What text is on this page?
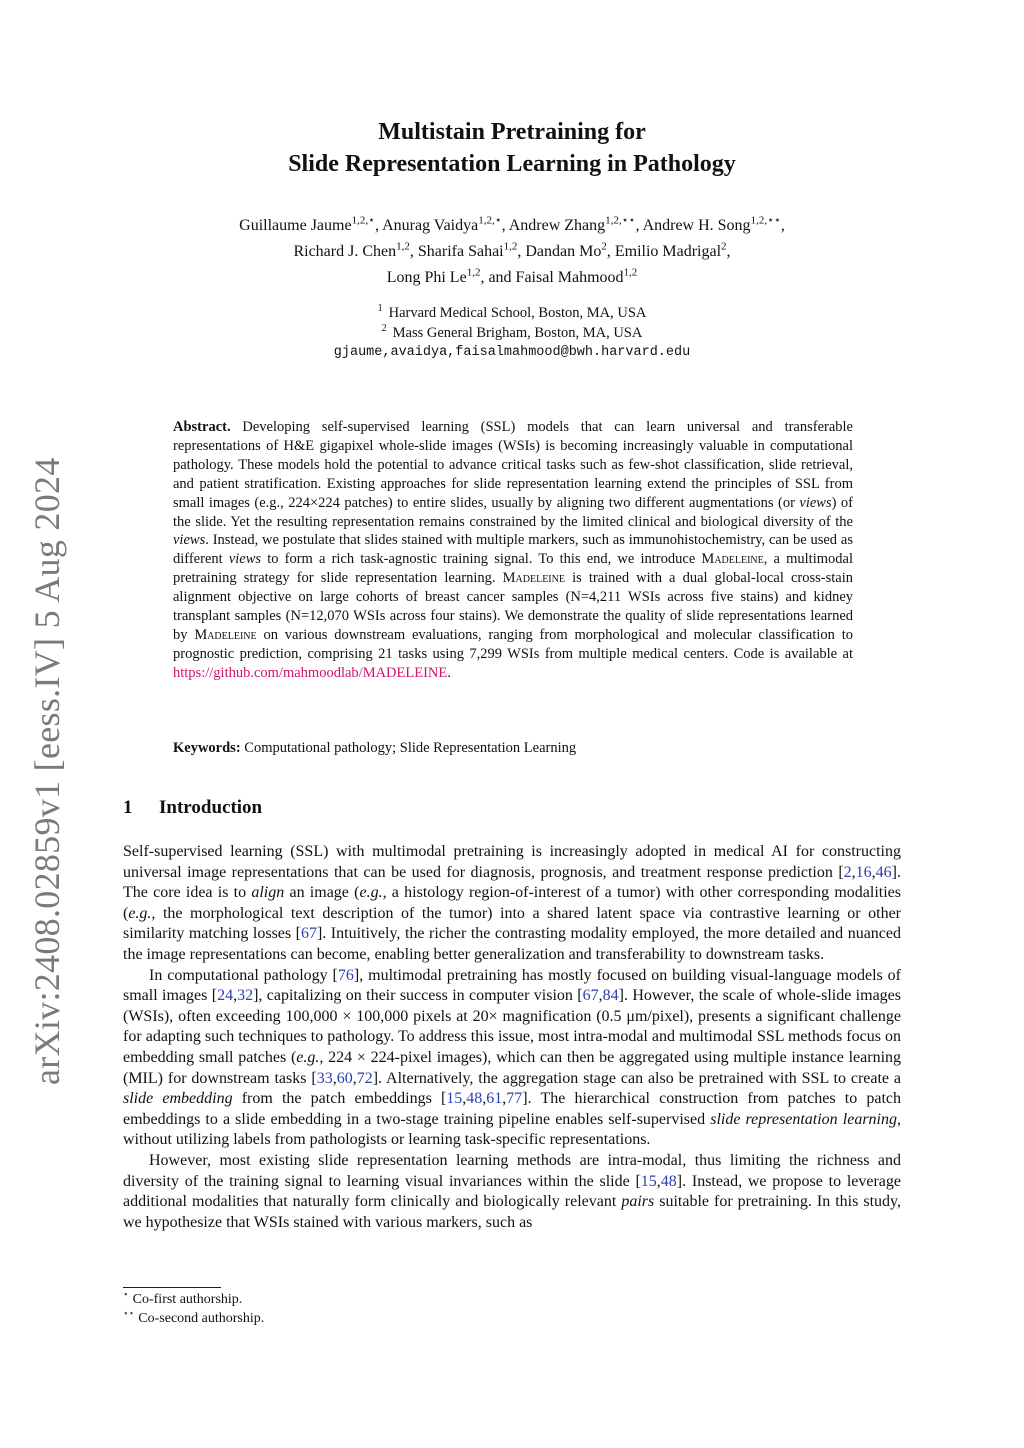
arXiv:2408.02859v1 [eess.IV] 5 Aug 2024
Multistain Pretraining for
Slide Representation Learning in Pathology
Guillaume Jaume$^{1,2,⋆}$, Anurag Vaidya$^{1,2,⋆}$, Andrew Zhang$^{1,2,⋆⋆}$, Andrew H. Song$^{1,2,⋆⋆}$,
Richard J. Chen$^{1,2}$, Sharifa Sahai$^{1,2}$, Dandan Mo$^2$, Emilio Madrigal$^2$,
Long Phi Le$^{1,2}$, and Faisal Mahmood$^{1,2}$
$^1$ Harvard Medical School, Boston, MA, USA
$^2$ Mass General Brigham, Boston, MA, USA
gjaume,avaidya,faisalmahmood@bwh.harvard.edu
Abstract. Developing self-supervised learning (SSL) models that can learn universal and transferable representations of H&E gigapixel whole-slide images (WSIs) is becoming increasingly valuable in computational pathology. These models hold the potential to advance critical tasks such as few-shot classification, slide retrieval, and patient stratification. Existing approaches for slide representation learning extend the principles of SSL from small images (e.g., 224×224 patches) to entire slides, usually by aligning two different augmentations (or views) of the slide. Yet the resulting representation remains constrained by the limited clinical and biological diversity of the views. Instead, we postulate that slides stained with multiple markers, such as immunohistochemistry, can be used as different views to form a rich task-agnostic training signal. To this end, we introduce Madeleine, a multimodal pretraining strategy for slide representation learning. Madeleine is trained with a dual global-local cross-stain alignment objective on large cohorts of breast cancer samples (N=4,211 WSIs across five stains) and kidney transplant samples (N=12,070 WSIs across four stains). We demonstrate the quality of slide representations learned by Madeleine on various downstream evaluations, ranging from morphological and molecular classification to prognostic prediction, comprising 21 tasks using 7,299 WSIs from multiple medical centers. Code is available at https://github.com/mahmoodlab/MADELEINE.
Keywords: Computational pathology; Slide Representation Learning
1 Introduction

Self-supervised learning (SSL) with multimodal pretraining is increasingly adopted in medical AI for constructing universal image representations that can be used for diagnosis, prognosis, and treatment response prediction [2,16,46]. The core idea is to align an image (e.g., a histology region-of-interest of a tumor) with other corresponding modalities (e.g., the morphological text description of the tumor) into a shared latent space via contrastive learning or other similarity matching losses [67]. Intuitively, the richer the contrasting modality employed, the more detailed and nuanced the image representations can become, enabling better generalization and transferability to downstream tasks.

In computational pathology [76], multimodal pretraining has mostly focused on building visual-language models of small images [24,32], capitalizing on their success in computer vision [67,84]. However, the scale of whole-slide images (WSIs), often exceeding 100,000 × 100,000 pixels at 20× magnification (0.5 μm/pixel), presents a significant challenge for adapting such techniques to pathology. To address this issue, most intra-modal and multimodal SSL methods focus on embedding small patches (e.g., 224 × 224-pixel images), which can then be aggregated using multiple instance learning (MIL) for downstream tasks [33,60,72]. Alternatively, the aggregation stage can also be pretrained with SSL to create a slide embedding from the patch embeddings [15,48,61,77]. The hierarchical construction from patches to patch embeddings to a slide embedding in a two-stage training pipeline enables self-supervised slide representation learning, without utilizing labels from pathologists or learning task-specific representations.

However, most existing slide representation learning methods are intra-modal, thus limiting the richness and diversity of the training signal to learning visual invariances within the slide [15,48]. Instead, we propose to leverage additional modalities that naturally form clinically and biologically relevant pairs suitable for pretraining. In this study, we hypothesize that WSIs stained with various markers, such as

⋆ Co-first authorship.
⋆⋆ Co-second authorship.
